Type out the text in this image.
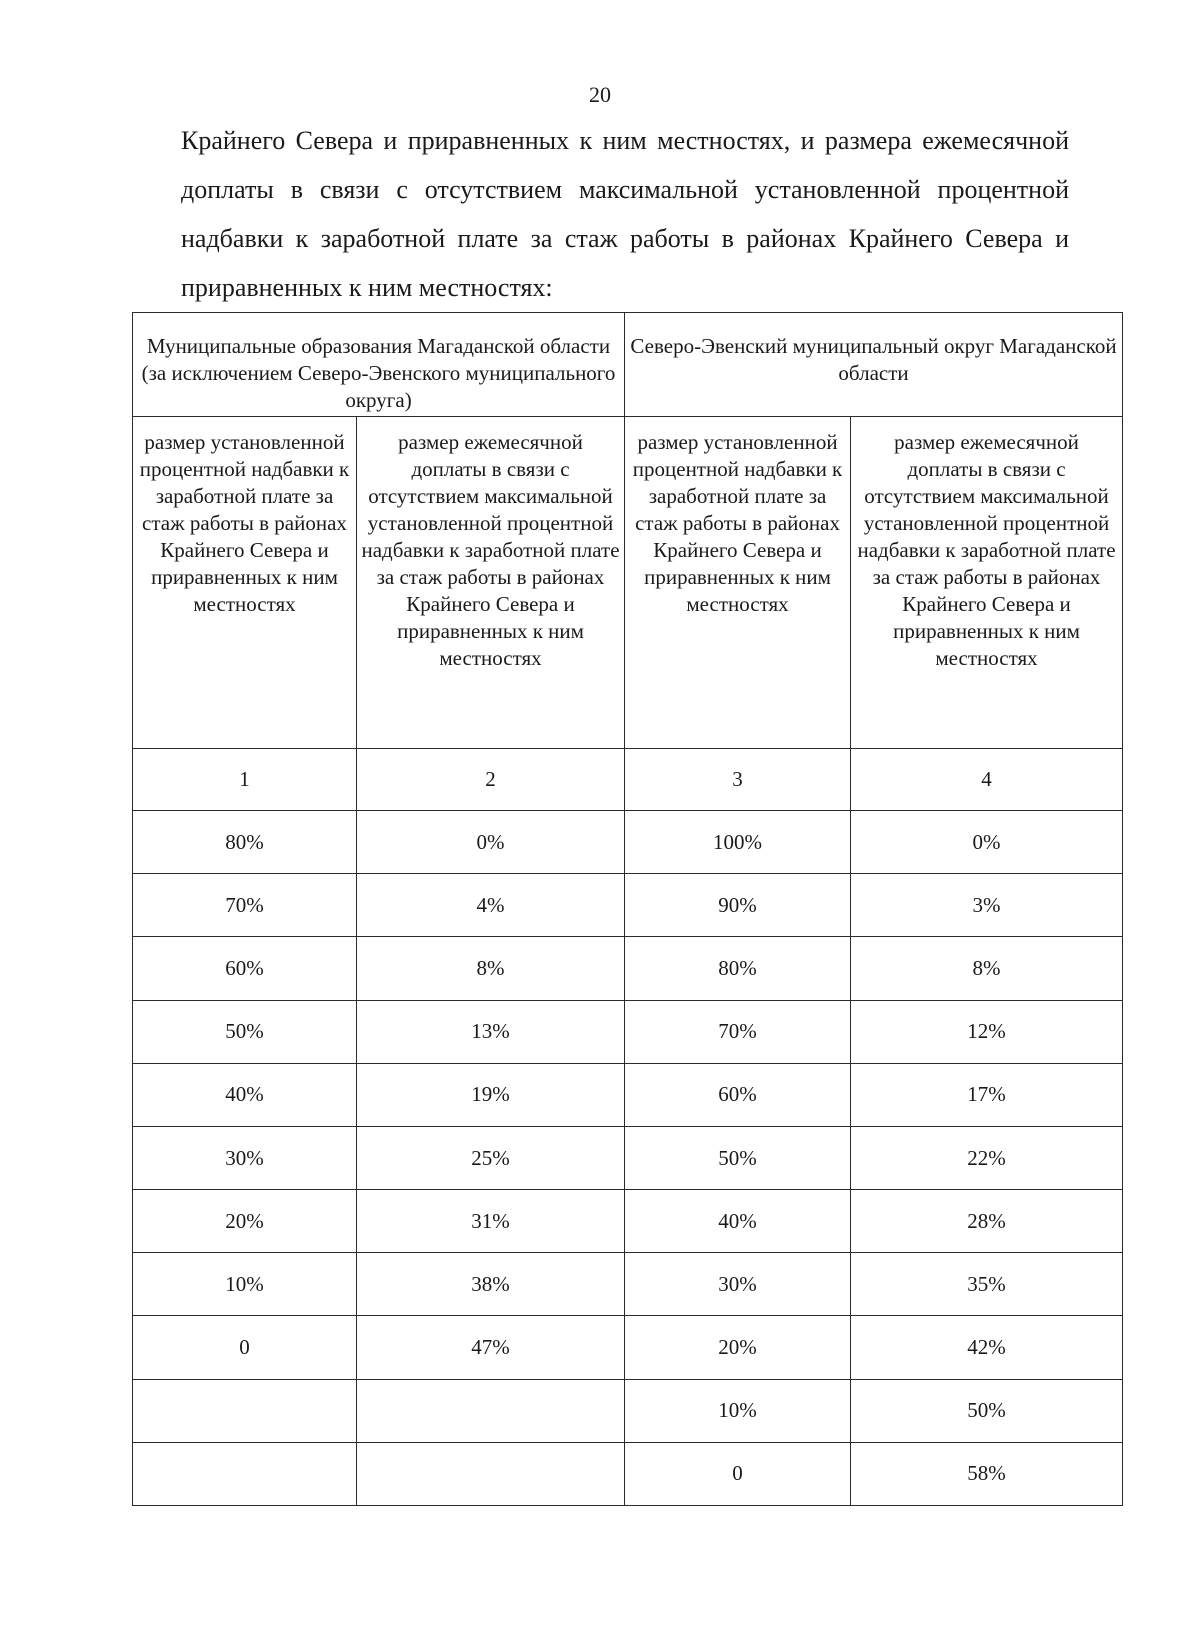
20

Крайнего Севера и приравненных к ним местностях, и размера ежемесячной доплаты в связи с отсутствием максимальной установленной процентной надбавки к заработной плате за стаж работы в районах Крайнего Севера и приравненных к ним местностях:

Муниципальные образования Магаданской области (за исключением Северо-Эвенского муниципального округа)		Северо-Эвенский муниципальный округ Магаданской области	
размер установленной процентной надбавки к заработной плате за стаж работы в районах Крайнего Севера и приравненных к ним местностях	размер ежемесячной доплаты в связи с отсутствием максимальной установленной процентной надбавки к заработной плате за стаж работы в районах Крайнего Севера и приравненных к ним местностях	размер установленной процентной надбавки к заработной плате за стаж работы в районах Крайнего Севера и приравненных к ним местностях	размер ежемесячной доплаты в связи с отсутствием максимальной установленной процентной надбавки к заработной плате за стаж работы в районах Крайнего Севера и приравненных к ним местностях
1	2	3	4
80%	0%	100%	0%
70%	4%	90%	3%
60%	8%	80%	8%
50%	13%	70%	12%
40%	19%	60%	17%
30%	25%	50%	22%
20%	31%	40%	28%
10%	38%	30%	35%
0	47%	20%	42%
		10%	50%
		0	58%
